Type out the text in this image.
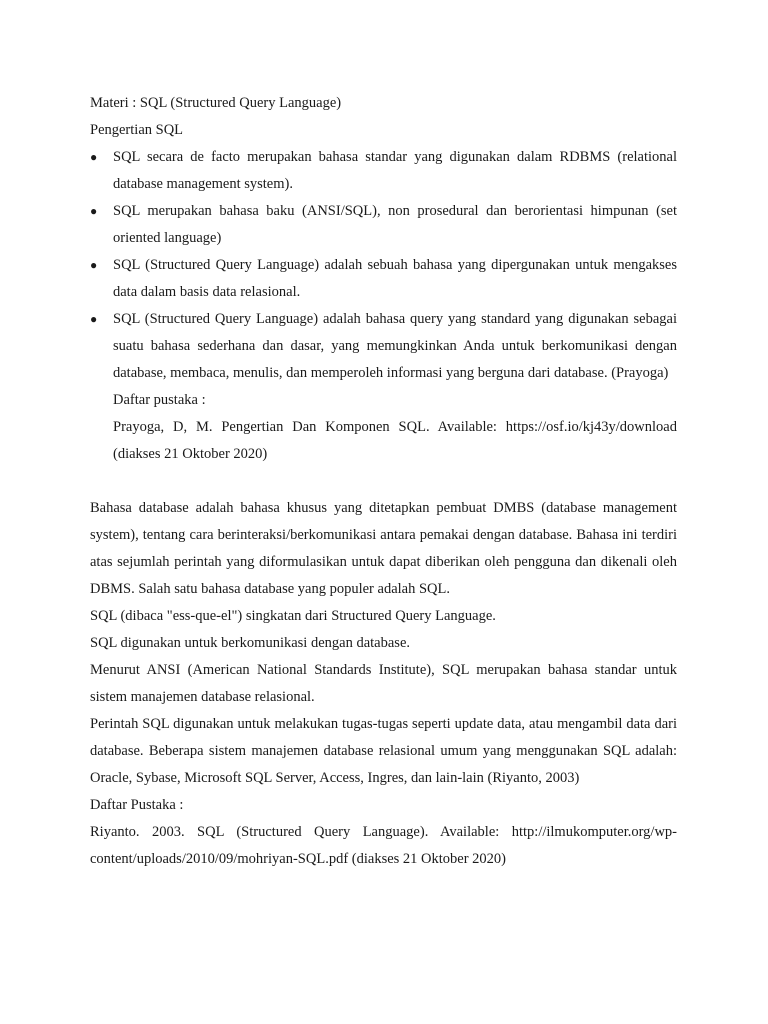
Materi : SQL (Structured Query Language)

Pengertian SQL

●	SQL secara de facto merupakan bahasa standar yang digunakan dalam RDBMS (relational database management system).
●	SQL merupakan bahasa baku (ANSI/SQL), non prosedural dan berorientasi himpunan (set oriented language)
●	SQL (Structured Query Language) adalah sebuah bahasa yang dipergunakan untuk mengakses data dalam basis data relasional.
●	SQL (Structured Query Language) adalah bahasa query yang standard yang digunakan sebagai suatu bahasa sederhana dan dasar, yang memungkinkan Anda untuk berkomunikasi dengan database, membaca, menulis, dan memperoleh informasi yang berguna dari database. (Prayoga)

Daftar pustaka :

Prayoga, D, M. Pengertian Dan Komponen SQL. Available: https://osf.io/kj43y/download (diakses 21 Oktober 2020)

Bahasa database adalah bahasa khusus yang ditetapkan pembuat DMBS (database management system), tentang cara berinteraksi/berkomunikasi antara pemakai dengan database. Bahasa ini terdiri atas sejumlah perintah yang diformulasikan untuk dapat diberikan oleh pengguna dan dikenali oleh DBMS. Salah satu bahasa database yang populer adalah SQL.

SQL (dibaca "ess-que-el") singkatan dari Structured Query Language.

SQL digunakan untuk berkomunikasi dengan database.

Menurut ANSI (American National Standards Institute), SQL merupakan bahasa standar untuk sistem manajemen database relasional.

Perintah SQL digunakan untuk melakukan tugas-tugas seperti update data, atau mengambil data dari database. Beberapa sistem manajemen database relasional umum yang menggunakan SQL adalah: Oracle, Sybase, Microsoft SQL Server, Access, Ingres, dan lain-lain (Riyanto, 2003)

Daftar Pustaka :

Riyanto. 2003. SQL (Structured Query Language). Available: http://ilmukomputer.org/wp-content/uploads/2010/09/mohriyan-SQL.pdf (diakses 21 Oktober 2020)
